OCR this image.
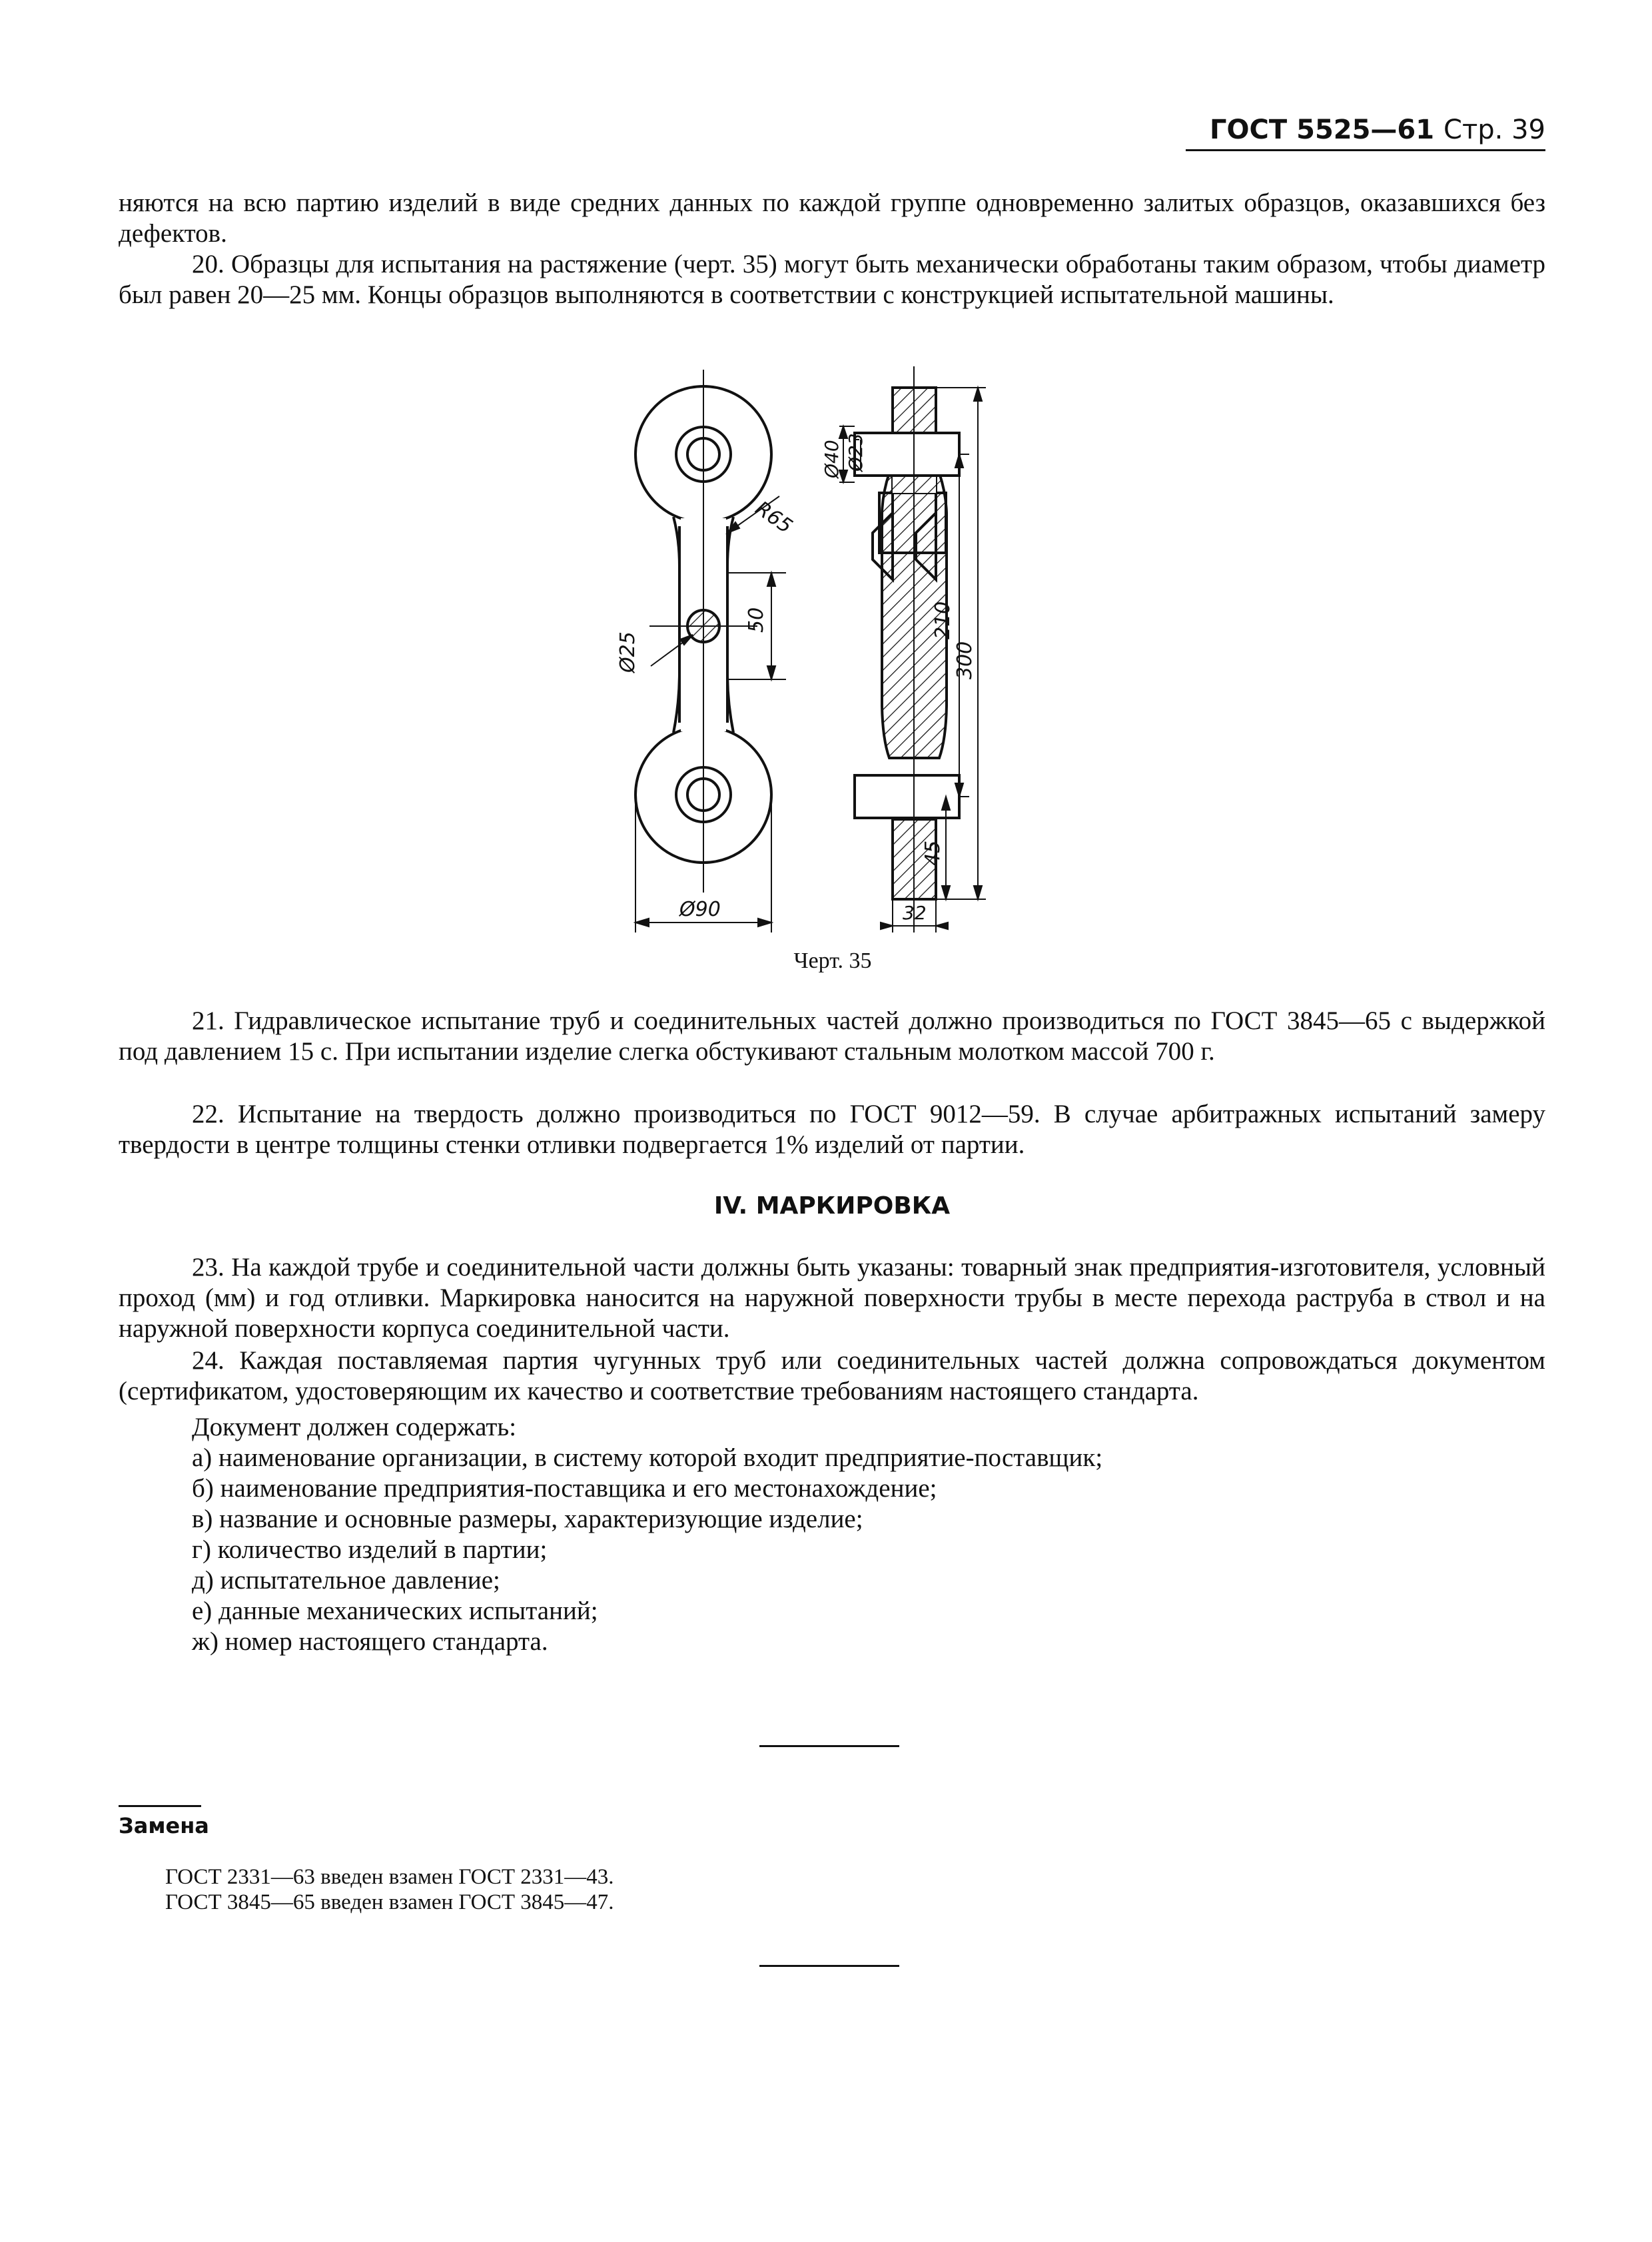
ГОСТ 5525—61 Стр. 39

няются на всю партию изделий в виде средних данных по каждой группе одновременно залитых образцов, оказавшихся без дефектов.

20. Образцы для испытания на растяжение (черт. 35) могут быть механически обработаны таким образом, чтобы диаметр был равен 20—25 мм. Концы образцов выполняются в соответствии с конструкцией испытательной машины.

R65
50
Ø25
Ø90
Ø40 Ø23
210
300
45
32

Черт. 35

21. Гидравлическое испытание труб и соединительных частей должно производиться по ГОСТ 3845—65 с выдержкой под давлением 15 с. При испытании изделие слегка обстукивают стальным молотком массой 700 г.

22. Испытание на твердость должно производиться по ГОСТ 9012—59. В случае арбитражных испытаний замеру твердости в центре толщины стенки отливки подвергается 1% изделий от партии.

IV. МАРКИРОВКА

23. На каждой трубе и соединительной части должны быть указаны: товарный знак предприятия-изготовителя, условный проход (мм) и год отливки. Маркировка наносится на наружной поверхности трубы в месте перехода раструба в ствол и на наружной поверхности корпуса соединительной части.

24. Каждая поставляемая партия чугунных труб или соединительных частей должна сопровождаться документом (сертификатом, удостоверяющим их качество и соответствие требованиям настоящего стандарта.

Документ должен содержать:

а) наименование организации, в систему которой входит предприятие-поставщик;
б) наименование предприятия-поставщика и его местонахождение;
в) название и основные размеры, характеризующие изделие;
г) количество изделий в партии;
д) испытательное давление;
е) данные механических испытаний;
ж) номер настоящего стандарта.

Замена

ГОСТ 2331—63 введен взамен ГОСТ 2331—43.

ГОСТ 3845—65 введен взамен ГОСТ 3845—47.
